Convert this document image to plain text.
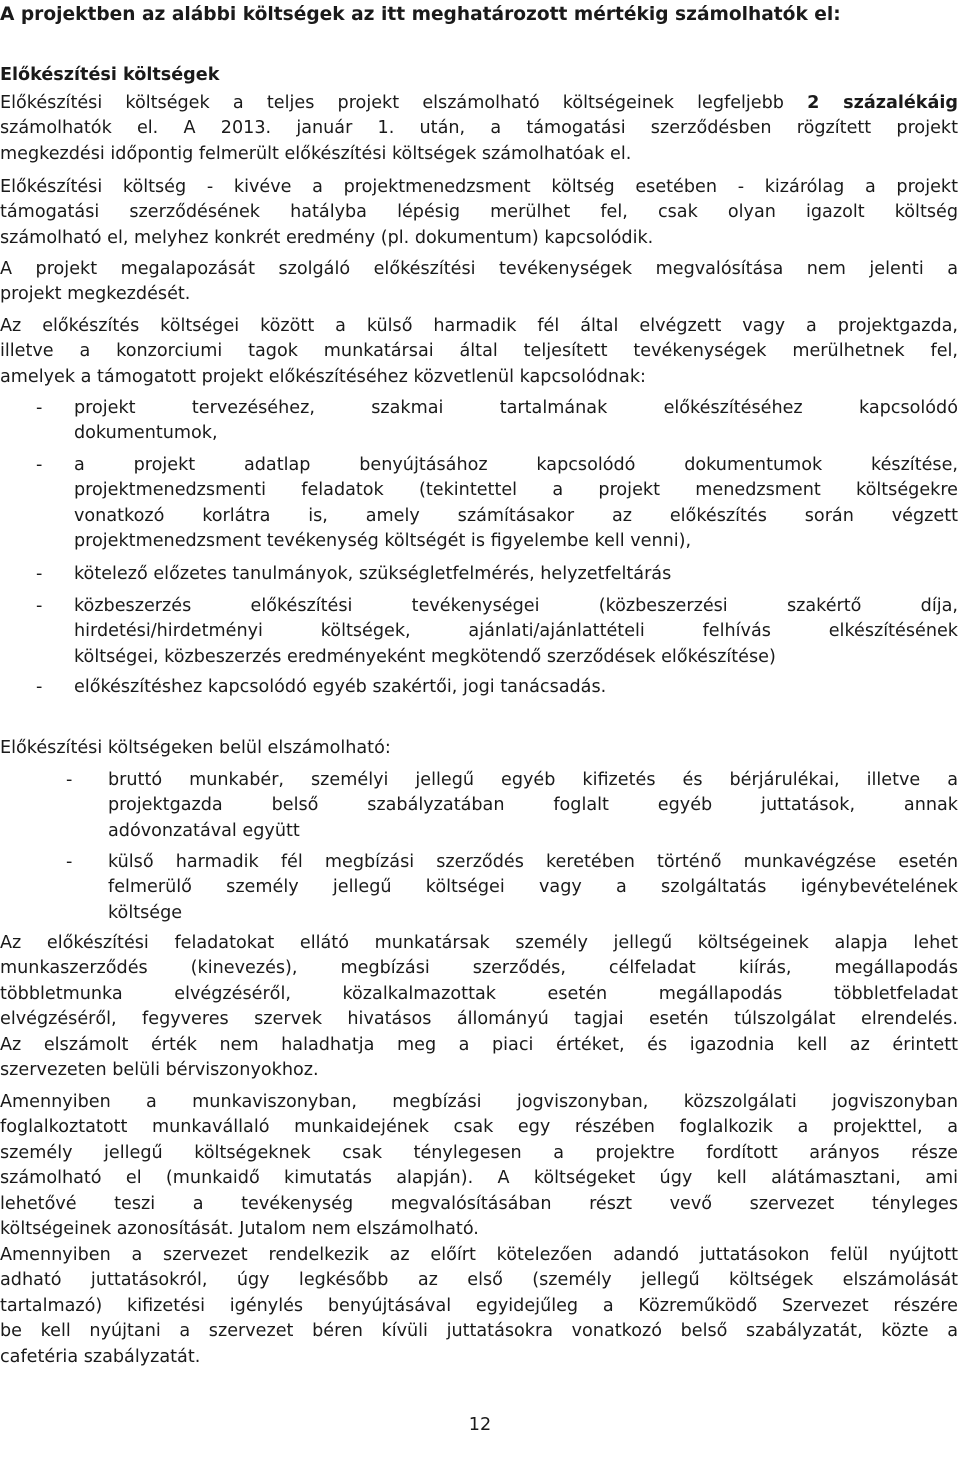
A projektben az alábbi költségek az itt meghatározott mértékig számolhatók el:
Előkészítési költségek
Előkészítési költségek a teljes projekt elszámolható költségeinek legfeljebb 2 százalékáig
számolhatók el. A 2013. január 1. után, a támogatási szerződésben rögzített projekt
megkezdési időpontig felmerült előkészítési költségek számolhatóak el.
Előkészítési költség - kivéve a projektmenedzsment költség esetében - kizárólag a projekt
támogatási szerződésének hatályba lépésig merülhet fel, csak olyan igazolt költség
számolható el, melyhez konkrét eredmény (pl. dokumentum) kapcsolódik.
A projekt megalapozását szolgáló előkészítési tevékenységek megvalósítása nem jelenti a
projekt megkezdését.
Az előkészítés költségei között a külső harmadik fél által elvégzett vagy a projektgazda,
illetve a konzorciumi tagok munkatársai által teljesített tevékenységek merülhetnek fel,
amelyek a támogatott projekt előkészítéséhez közvetlenül kapcsolódnak:
- projekt tervezéséhez, szakmai tartalmának előkészítéséhez kapcsolódó
dokumentumok,
- a projekt adatlap benyújtásához kapcsolódó dokumentumok készítése,
projektmenedzsmenti feladatok (tekintettel a projekt menedzsment költségekre
vonatkozó korlátra is, amely számításakor az előkészítés során végzett
projektmenedzsment tevékenység költségét is figyelembe kell venni),
- kötelező előzetes tanulmányok, szükségletfelmérés, helyzetfeltárás
- közbeszerzés előkészítési tevékenységei (közbeszerzési szakértő díja,
hirdetési/hirdetményi költségek, ajánlati/ajánlattételi felhívás elkészítésének
költségei, közbeszerzés eredményeként megkötendő szerződések előkészítése)
- előkészítéshez kapcsolódó egyéb szakértői, jogi tanácsadás.
Előkészítési költségeken belül elszámolható:
- bruttó munkabér, személyi jellegű egyéb kifizetés és bérjárulékai, illetve a
projektgazda belső szabályzatában foglalt egyéb juttatások, annak
adóvonzatával együtt
- külső harmadik fél megbízási szerződés keretében történő munkavégzése esetén
felmerülő személy jellegű költségei vagy a szolgáltatás igénybevételének
költsége
Az előkészítési feladatokat ellátó munkatársak személy jellegű költségeinek alapja lehet
munkaszerződés (kinevezés), megbízási szerződés, célfeladat kiírás, megállapodás
többletmunka elvégzéséről, közalkalmazottak esetén megállapodás többletfeladat
elvégzéséről, fegyveres szervek hivatásos állományú tagjai esetén túlszolgálat elrendelés.
Az elszámolt érték nem haladhatja meg a piaci értéket, és igazodnia kell az érintett
szervezeten belüli bérviszonyokhoz.
Amennyiben a munkaviszonyban, megbízási jogviszonyban, közszolgálati jogviszonyban
foglalkoztatott munkavállaló munkaidejének csak egy részében foglalkozik a projekttel, a
személy jellegű költségeknek csak ténylegesen a projektre fordított arányos része
számolható el (munkaidő kimutatás alapján). A költségeket úgy kell alátámasztani, ami
lehetővé teszi a tevékenység megvalósításában részt vevő szervezet tényleges
költségeinek azonosítását. Jutalom nem elszámolható.
Amennyiben a szervezet rendelkezik az előírt kötelezően adandó juttatásokon felül nyújtott
adható juttatásokról, úgy legkésőbb az első (személy jellegű költségek elszámolását
tartalmazó) kifizetési igénylés benyújtásával egyidejűleg a Közreműködő Szervezet részére
be kell nyújtani a szervezet béren kívüli juttatásokra vonatkozó belső szabályzatát, közte a
cafetéria szabályzatát.
12
